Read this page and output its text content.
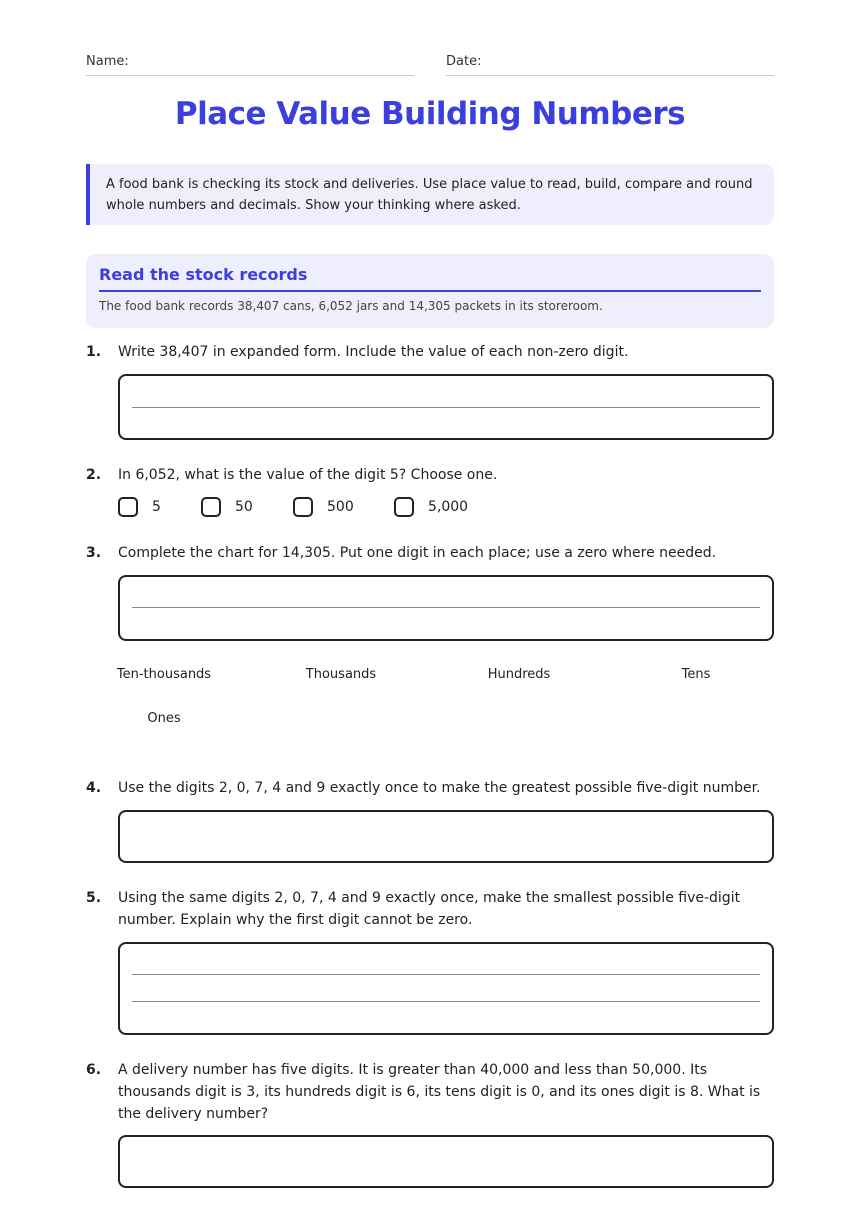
Name:	Date:
Place Value Building Numbers
A food bank is checking its stock and deliveries. Use place value to read, build, compare and round whole numbers and decimals. Show your thinking where asked.
Read the stock records
The food bank records 38,407 cans, 6,052 jars and 14,305 packets in its storeroom.
1. Write 38,407 in expanded form. Include the value of each non-zero digit.
2. In 6,052, what is the value of the digit 5? Choose one.
5	50	500	5,000
3. Complete the chart for 14,305. Put one digit in each place; use a zero where needed.
Ten-thousands	Thousands	Hundreds	Tens
Ones
4. Use the digits 2, 0, 7, 4 and 9 exactly once to make the greatest possible five-digit number.
5. Using the same digits 2, 0, 7, 4 and 9 exactly once, make the smallest possible five-digit number. Explain why the first digit cannot be zero.
6. A delivery number has five digits. It is greater than 40,000 and less than 50,000. Its thousands digit is 3, its hundreds digit is 6, its tens digit is 0, and its ones digit is 8. What is the delivery number?
